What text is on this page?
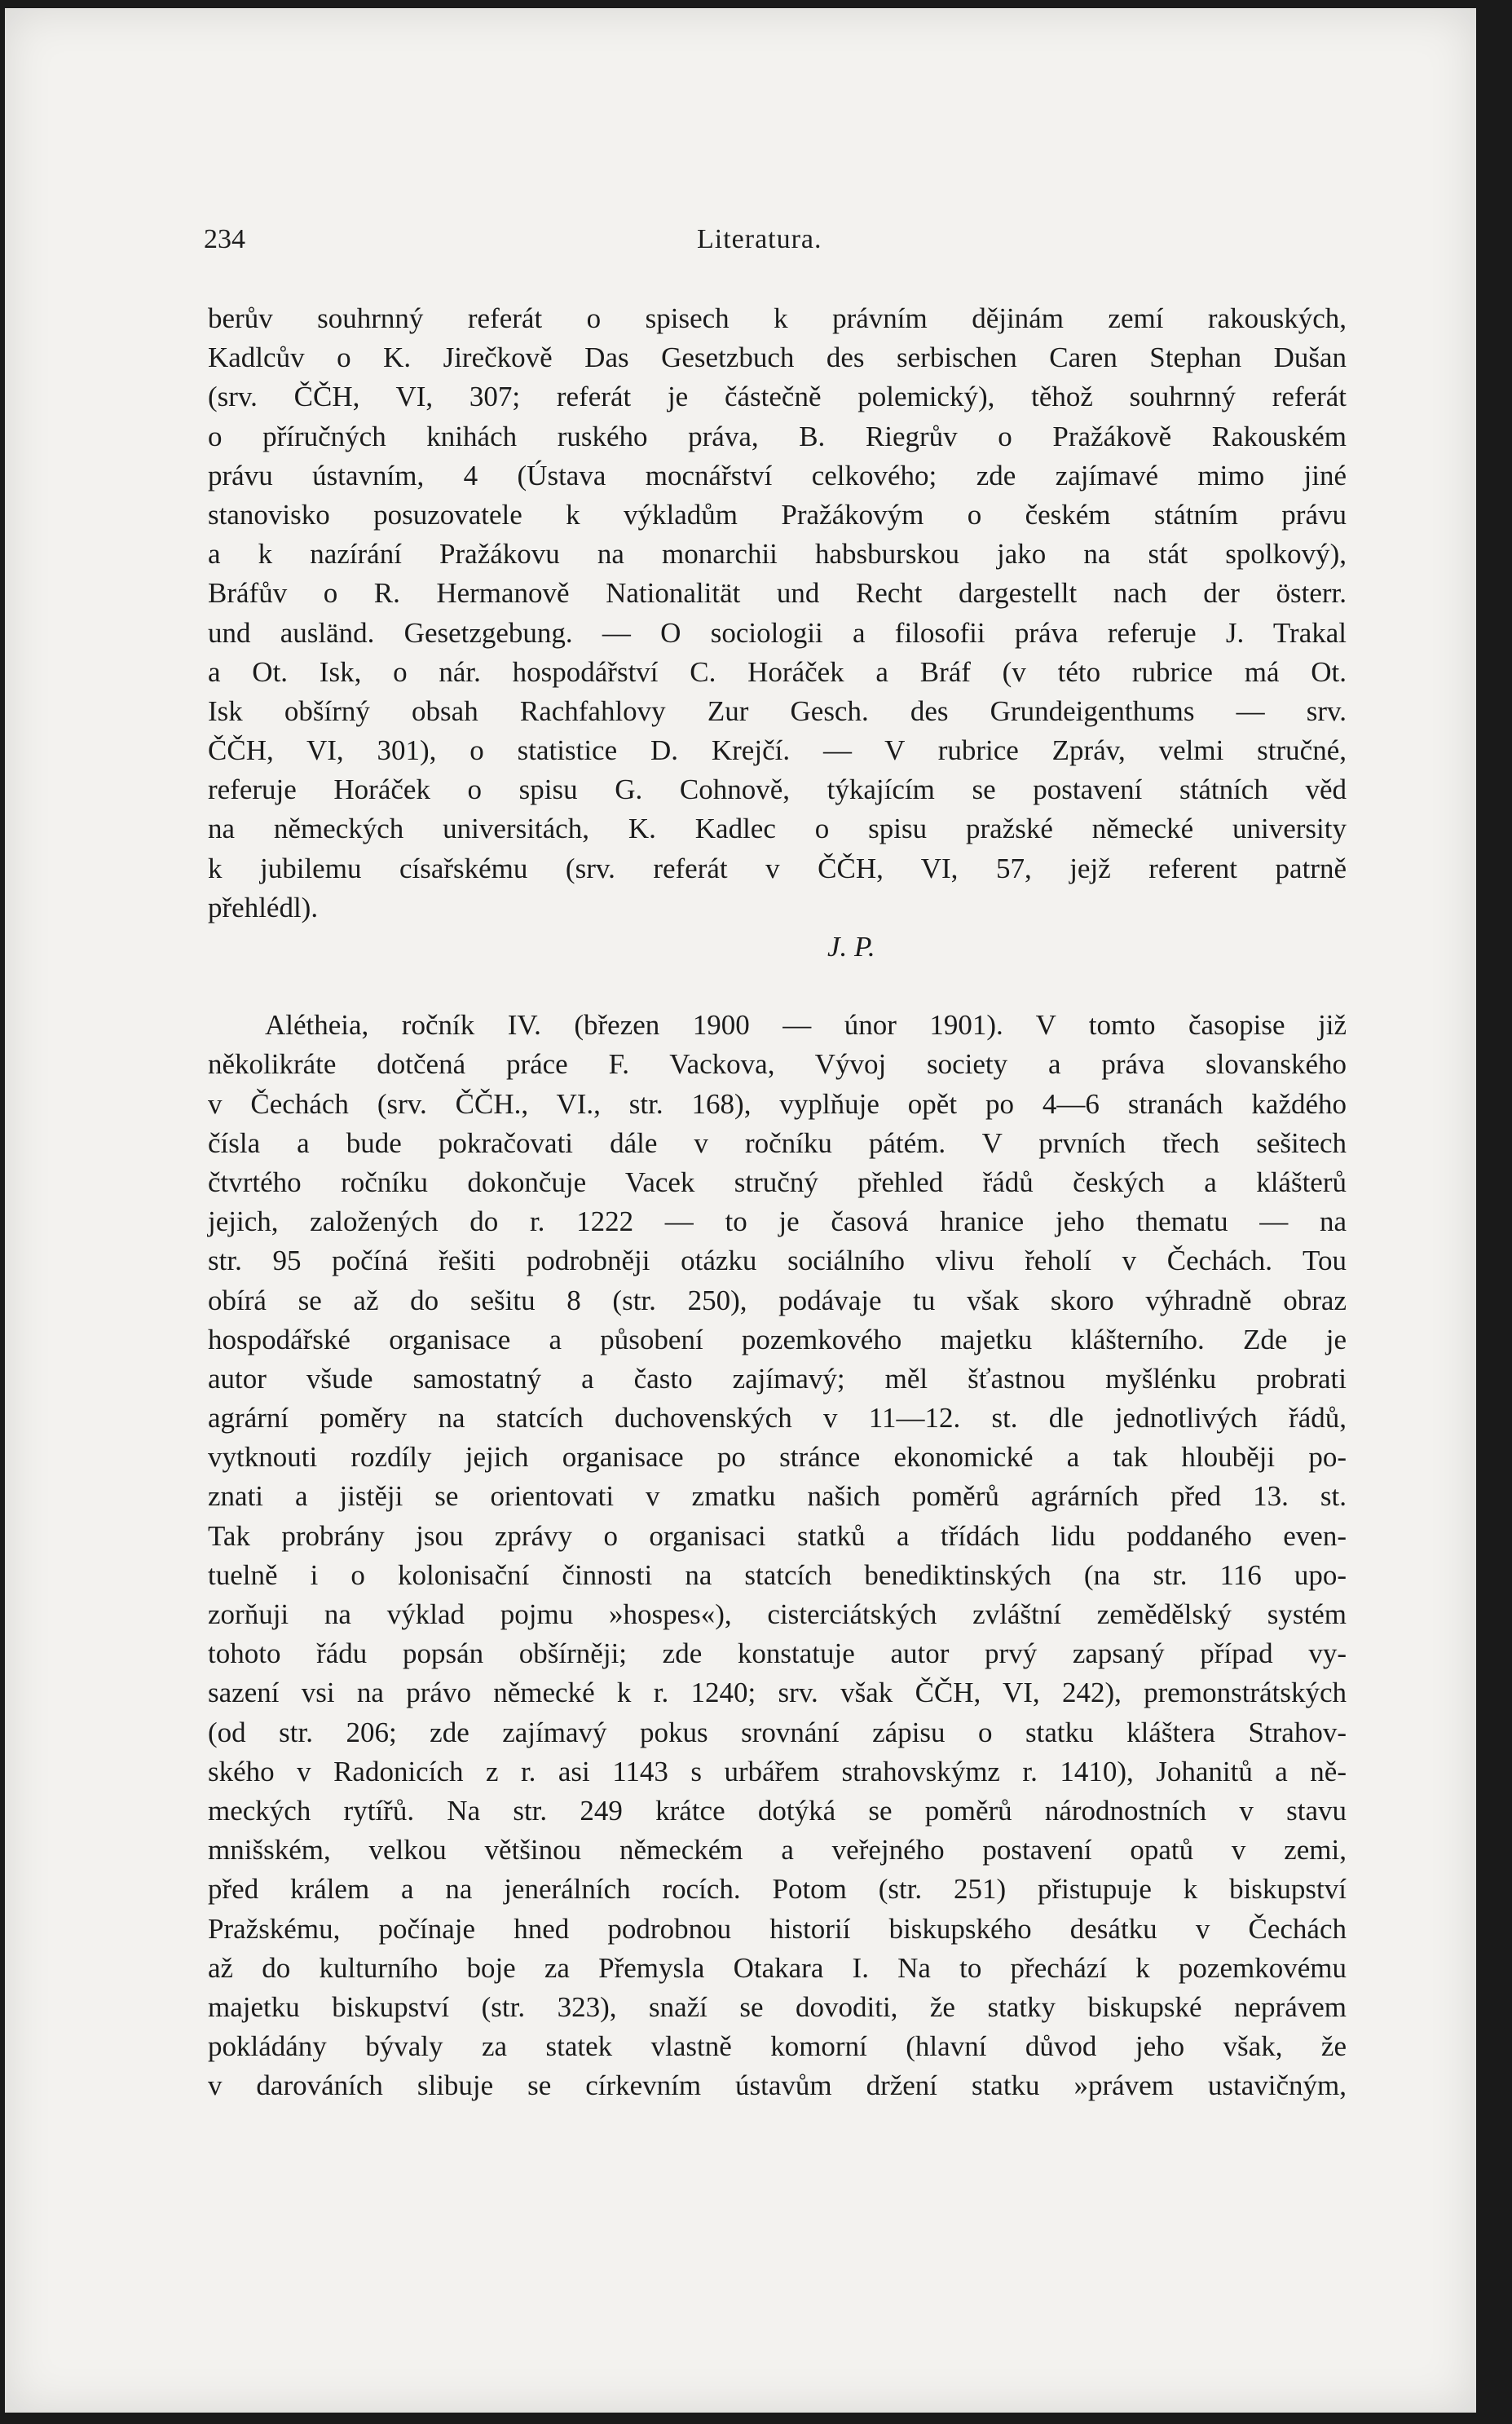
234	Literatura.
berův souhrnný referát o spisech k právním dějinám zemí rakouských,
Kadlcův o K. Jirečkově Das Gesetzbuch des serbischen Caren Stephan Dušan
(srv. ČČH, VI, 307; referát je částečně polemický), těhož souhrnný referát
o příručných knihách ruského práva, B. Riegrův o Pražákově Rakouském
právu ústavním, 4 (Ústava mocnářství celkového; zde zajímavé mimo jiné
stanovisko posuzovatele k výkladům Pražákovým o českém státním právu
a k nazírání Pražákovu na monarchii habsburskou jako na stát spolkový),
Bráfův o R. Hermanově Nationalität und Recht dargestellt nach der österr.
und ausländ. Gesetzgebung. — O sociologii a filosofii práva referuje J. Trakal
a Ot. Isk, o nár. hospodářství C. Horáček a Bráf (v této rubrice má Ot.
Isk obšírný obsah Rachfahlovy Zur Gesch. des Grundeigenthums — srv.
ČČH, VI, 301), o statistice D. Krejčí. — V rubrice Zpráv, velmi stručné,
referuje Horáček o spisu G. Cohnově, týkajícím se postavení státních věd
na německých universitách, K. Kadlec o spisu pražské německé university
k jubilemu císařskému (srv. referát v ČČH, VI, 57, jejž referent patrně
přehlédl).
J. P.
Alétheia, ročník IV. (březen 1900 — únor 1901). V tomto časopise již
několikráte dotčená práce F. Vackova, Vývoj society a práva slovanského
v Čechách (srv. ČČH., VI., str. 168), vyplňuje opět po 4—6 stranách každého
čísla a bude pokračovati dále v ročníku pátém. V prvních třech sešitech
čtvrtého ročníku dokončuje Vacek stručný přehled řádů českých a klášterů
jejich, založených do r. 1222 — to je časová hranice jeho thematu — na
str. 95 počíná řešiti podrobněji otázku sociálního vlivu řeholí v Čechách. Tou
obírá se až do sešitu 8 (str. 250), podávaje tu však skoro výhradně obraz
hospodářské organisace a působení pozemkového majetku klášterního. Zde je
autor všude samostatný a často zajímavý; měl šťastnou myšlénku probrati
agrární poměry na statcích duchovenských v 11—12. st. dle jednotlivých řádů,
vytknouti rozdíly jejich organisace po stránce ekonomické a tak hlouběji po-
znati a jistěji se orientovati v zmatku našich poměrů agrárních před 13. st.
Tak probrány jsou zprávy o organisaci statků a třídách lidu poddaného even-
tuelně i o kolonisační činnosti na statcích benediktinských (na str. 116 upo-
zorňuji na výklad pojmu »hospes«), cisterciátských zvláštní zemědělský systém
tohoto řádu popsán obšírněji; zde konstatuje autor prvý zapsaný případ vy-
sazení vsi na právo německé k r. 1240; srv. však ČČH, VI, 242), premonstrátských
(od str. 206; zde zajímavý pokus srovnání zápisu o statku kláštera Strahov-
ského v Radonicích z r. asi 1143 s urbářem strahovskýmz r. 1410), Johanitů a ně-
meckých rytířů. Na str. 249 krátce dotýká se poměrů národnostních v stavu
mnišském, velkou většinou německém a veřejného postavení opatů v zemi,
před králem a na jenerálních rocích. Potom (str. 251) přistupuje k biskupství
Pražskému, počínaje hned podrobnou historií biskupského desátku v Čechách
až do kulturního boje za Přemysla Otakara I. Na to přechází k pozemkovému
majetku biskupství (str. 323), snaží se dovoditi, že statky biskupské neprávem
pokládány bývaly za statek vlastně komorní (hlavní důvod jeho však, že
v darováních slibuje se církevním ústavům držení statku »právem ustavičným,
